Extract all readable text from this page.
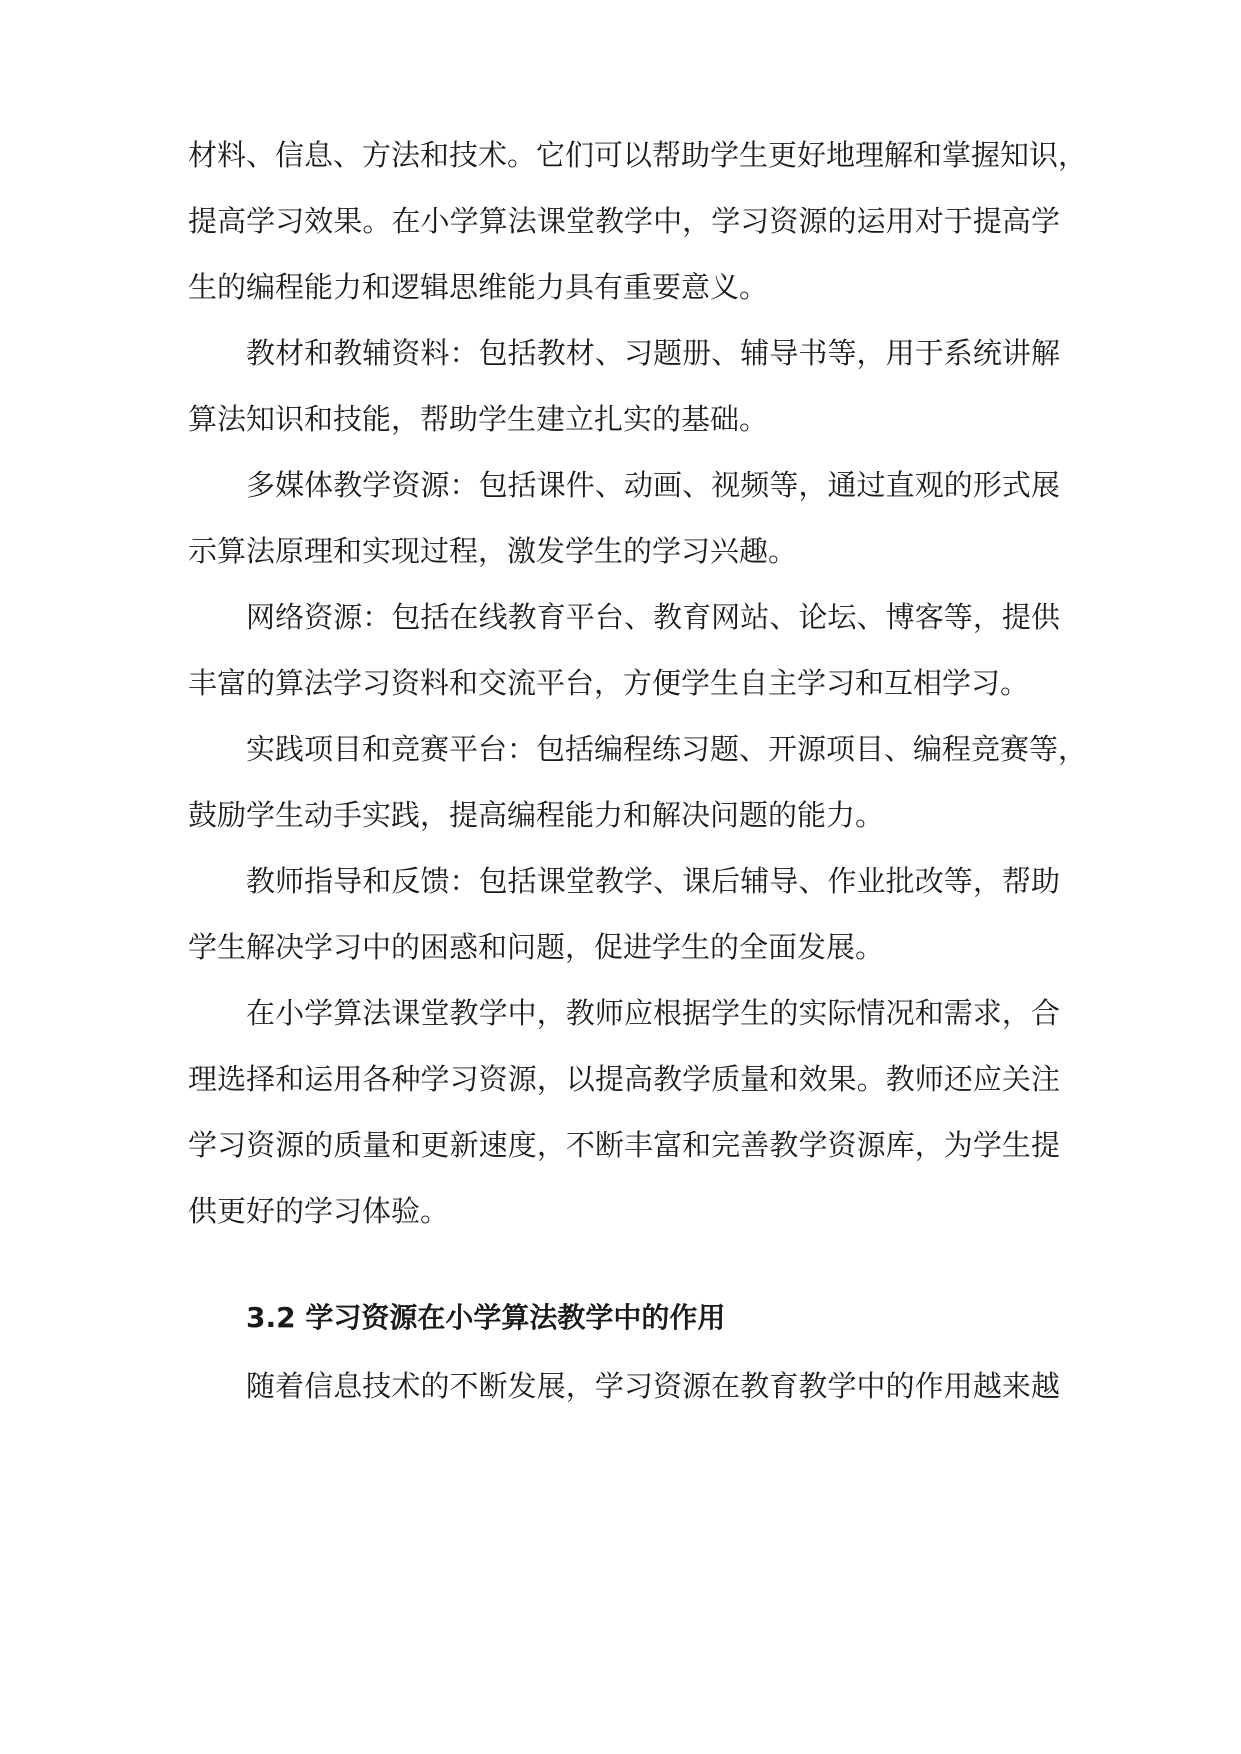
材料、信息、方法和技术。它们可以帮助学生更好地理解和掌握知识，
提高学习效果。在小学算法课堂教学中，学习资源的运用对于提高学
生的编程能力和逻辑思维能力具有重要意义。
教材和教辅资料：包括教材、习题册、辅导书等，用于系统讲解
算法知识和技能，帮助学生建立扎实的基础。
多媒体教学资源：包括课件、动画、视频等，通过直观的形式展
示算法原理和实现过程，激发学生的学习兴趣。
网络资源：包括在线教育平台、教育网站、论坛、博客等，提供
丰富的算法学习资料和交流平台，方便学生自主学习和互相学习。
实践项目和竞赛平台：包括编程练习题、开源项目、编程竞赛等，
鼓励学生动手实践，提高编程能力和解决问题的能力。
教师指导和反馈：包括课堂教学、课后辅导、作业批改等，帮助
学生解决学习中的困惑和问题，促进学生的全面发展。
在小学算法课堂教学中，教师应根据学生的实际情况和需求，合
理选择和运用各种学习资源，以提高教学质量和效果。教师还应关注
学习资源的质量和更新速度，不断丰富和完善教学资源库，为学生提
供更好的学习体验。
3.2 学习资源在小学算法教学中的作用
随着信息技术的不断发展，学习资源在教育教学中的作用越来越
